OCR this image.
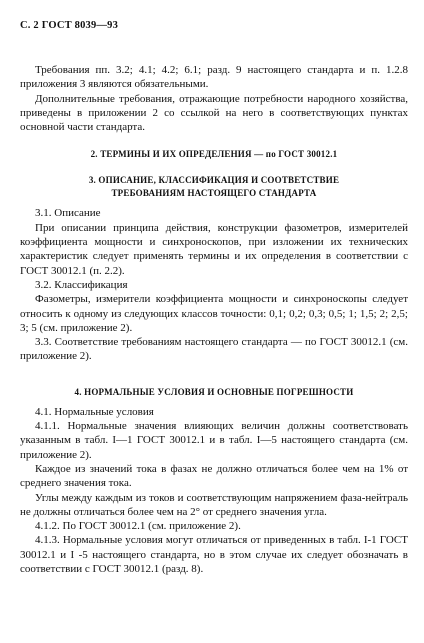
С. 2 ГОСТ 8039—93

Требования пп. 3.2; 4.1; 4.2; 6.1; разд. 9 настоящего стандарта и п. 1.2.8 приложения 3 являются обязательными.

Дополнительные требования, отражающие потребности народного хозяйства, приведены в приложении 2 со ссылкой на него в соответствующих пунктах основной части стандарта.

2. ТЕРМИНЫ И ИХ ОПРЕДЕЛЕНИЯ — по ГОСТ 30012.1

3. ОПИСАНИЕ, КЛАССИФИКАЦИЯ И СООТВЕТСТВИЕ

ТРЕБОВАНИЯМ НАСТОЯЩЕГО СТАНДАРТА

3.1. Описание

При описании принципа действия, конструкции фазометров, измерителей коэффициента мощности и синхроноскопов, при изложении их технических характеристик следует применять термины и их определения в соответствии с ГОСТ 30012.1 (п. 2.2).

3.2. Классификация

Фазометры, измерители коэффициента мощности и синхроноскопы следует относить к одному из следующих классов точности: 0,1; 0,2; 0,3; 0,5; 1; 1,5; 2; 2,5; 3; 5 (см. приложение 2).

3.3. Соответствие требованиям настоящего стандарта — по ГОСТ 30012.1 (см. приложение 2).

4. НОРМАЛЬНЫЕ УСЛОВИЯ И ОСНОВНЫЕ ПОГРЕШНОСТИ

4.1. Нормальные условия

4.1.1. Нормальные значения влияющих величин должны соответствовать указанным в табл. I—1 ГОСТ 30012.1 и в табл. I—5 настоящего стандарта (см. приложение 2).

Каждое из значений тока в фазах не должно отличаться более чем на 1% от среднего значения тока.

Углы между каждым из токов и соответствующим напряжением фаза-нейтраль не должны отличаться более чем на 2° от среднего значения угла.

4.1.2. По ГОСТ 30012.1 (см. приложение 2).

4.1.3. Нормальные условия могут отличаться от приведенных в табл. I-1 ГОСТ 30012.1 и I -5 настоящего стандарта, но в этом случае их следует обозначать в соответствии с ГОСТ 30012.1 (разд. 8).
